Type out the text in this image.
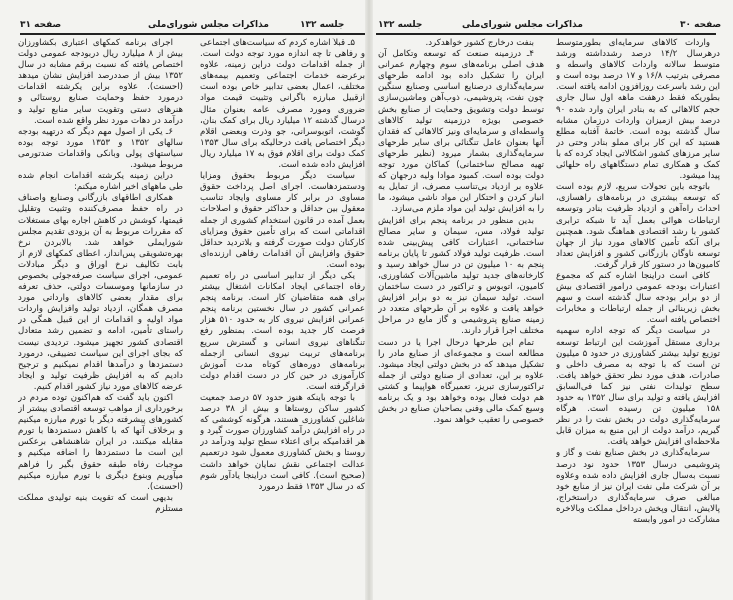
صفحه ۳۱	مذاکرات مجلس شورای‌ملی	جلسه ۱۳۲

۵ـ قبلاً اشاره کردم که سیاست‌های اجتماعی و رفاهی تا چه اندازه مورد توجه دولت است. از جمله اقدامات دولت دراین زمینه، علاوه برعرضه خدمات اجتماعی وتعمیم بیمه‌های مختلف، اعمال بعضی تدابیر خاص بوده است ازقبیل مبارزه باگرانی وتثبیت قیمت مواد ضروری ومورد مصرف عامه بعنوان مثال درسال گذشته ۱۲ میلیارد ریال برای کمک بنان، گوشت، اتوبوسرانی، جو وذرت وبعضی اقلام دیگر اختصاص یافت درحالیکه برای سال ۱۳۵۳ کمک دولت برای اقلام فوق به ۱۷ میلیارد ریال افزایش داده شده است.

سیاست دیگر مربوط بحقوق ومزایا ودستمزدهاست. اجرای اصل پرداخت حقوق مساوی در برابر کار مساوی وایجاد تناسب معقول بین حداقل و حداکثر حقوق و اصلاحات بعمل آمده در قانون استخدام کشوری از جمله اقداماتی است که برای تأمین حقوق ومزایای کارکنان دولت صورت گرفته و بلاتردید حداقل حقوق وافزایش آن اقدامات رفاهی ارزنده‌ای بوده است.

یکی دیگر از تدابیر اساسی در راه تعمیم رفاه اجتماعی ایجاد امکانات اشتغال بیشتر برای همه متقاضیان کار است. برنامه پنجم عمرانی کشور در سال نخستین برنامه پنجم عمرانی افزایش نیروی کار به حدود ۵۱۰ هزار فرصت کار جدید بوده است. بمنظور رفع تنگناهای نیروی انسانی و گسترش سریع برنامه‌های تربیت نیروی انسانی ازجمله برنامه‌های دوره‌های کوتاه مدت آموزش کارآموزی در حین کار در دست اقدام دولت قرارگرفته است.

با توجه باینکه هنوز حدود ۵۷ درصد جمعیت کشور ساکن روستاها و بیش از ۳۸ درصد شاغلین کشاورزی هستند، هرگونه کوششی که در راه افزایش درآمد کشاورزان صورت گیرد و هر اقدامیکه برای اعتلاء سطح تولید ودرآمد در روستا و بخش کشاورزی معمول شود درتعمیم عدالت اجتماعی نقش نمایان خواهد داشت (صحیح است). کافی است دراینجا یادآور شوم که در سال ۱۳۵۳ فقط درمورد

اجرای برنامه کمکهای اعتباری بکشاورزان بیش از ۸ میلیارد ریال دربودجه عمومی دولت اختصاص یافته که نسبت برقم مشابه در سال ۱۳۵۲ بیش از صددرصد افزایش نشان میدهد (احسنت). علاوه براین یکرشته اقدامات درمورد حفظ وحمایت صنایع روستائی و هنرهای دستی وتقویت سایر منابع تولید و درآمد در دهات مورد نظر واقع شده است.

۶ـ یکی از اصول مهم دیگر که درتهیه بودجه سالهای ۱۳۵۲ و ۱۳۵۳ مورد توجه بوده سیاستهای پولی وبانکی واقدامات ضدتورمی مربوط میشود.

دراین زمینه یکرشته اقدامات انجام شده طی ماههای اخیر اشاره میکنم:

همکاری اطاقهای بازرگانی وصنایع واصناف در راه حفظ مصرف‌کننده وتثبیت وتقلیل قیمتها، کوشش در کاهش اجاره بهای مستغلات که مقررات مربوط به آن بزودی تقدیم مجلس شورایملی خواهد شد. بالابردن نرخ بهره‌تشویقی پس‌انداز، اعطای کمکهای لازم از بابت تکالیف نرخ اوراق و دیگر مبادلات عمومی، اجرای سیاست صرفه‌جوئی بخصوص در سازمانها وموسسات دولتی، حذف تعرفه برای مقدار بعضی کالاهای وارداتی مورد مصرف همگان، ازدیاد تولید وافزایش واردات مواد اولیه و اقدامات از این قبیل همگی در راستای تأمین، ادامه و تضمین رشد متعادل اقتصادی کشور تجهیز میشود. تردیدی نیست که بجای اجرای این سیاست تضییقی، درمورد دستمزدها و درآمدها اقدام نمیکنیم و ترجیح دادیم که به افزایش ظرفیت تولید و ایجاد عرضه کالاهای مورد نیاز کشور اقدام کنیم.

اکنون باید گفت که هم‌اکنون توده مردم در برخورداری از مواهب توسعه اقتصادی بیشتر از کشورهای پیشرفته دیگر با تورم مبارزه میکنیم و برخلاف آنها که با کاهش دستمزدها با تورم مقابله میکنند، در ایران شاهنشاهی برعکس این است ما دستمزدها را اضافه میکنیم و موجبات رفاه طبقه حقوق بگیر را فراهم میآوریم وبنوع دیگری با تورم مبارزه میکنیم (احسنت).

بدیهی است که تقویت بنیه تولیدی مملکت مستلزم

جلسه ۱۳۲	مذاکرات مجلس شورای‌ملی	صفحه ۳۰

واردات کالاهای سرمایه‌ای بطورمتوسط درهرسال ۱۴/۲ درصد رشدداشته ورشد متوسط سالانه واردات کالاهای واسطه و مصرفی بترتیب ۱۶/۸ و ۱۷ درصد بوده است و این رشد باسرعت روزافزون ادامه یافته است. بطوریکه فقط درهفت ماهه اول سال جاری حجم کالاهائی که به بنادر ایران وارد شده ۹۰ درصد بیش ازمیزان واردات درزمان مشابه سال گذشته بوده است. خاتمهٔ آفتابه مطلع هستید که این کار برای مملو بنادر وحتی در سایر مرزهای کشور اشکالاتی ایجاد کرده که با کمک و همکاری تمام دستگاههای راه حلهائی پیدا میشود.

باتوجه باین تحولات سریع، لازم بوده است که توسعه بیشتری در برنامه‌های راهسازی، احداث راه‌آهن و ازدیاد ظرفیت بنادر وتوسعه ارتباطات هوائی بعمل آید تا شبکه ترابری کشور با رشد اقتصادی هماهنگ شود. همچنین برای آنکه تأمین کالاهای مورد نیاز از جهان توسعه ناوگان بازرگانی کشور و افزایش تعداد کامیون‌ها در دستور کار قرار گرفت.

کافی است دراینجا اشاره کنم که مجموع اعتبارات بودجه عمومی درامور اقتصادی بیش از دو برابر بودجه سال گذشته است و سهم بخش زیربنائی از جمله ارتباطات و مخابرات اختصاص یافته است.

در سیاست دیگر که توجه اداره سهمیه برداری مستقل آموزشت این ارتباط توسعه توزیع تولید بیشتر کشاورزی در حدود ۵ میلیون تن است که با توجه به مصرف داخلی و صادرات، هدف مورد نظر تحقق خواهد یافت. سطح تولیدات نفتی نیز کما فی‌السابق افزایش یافته و تولید برای سال ۱۳۵۲ به حدود ۱۵۸ میلیون تن رسیده است. هرگاه سرمایه‌گذاری دولت در بخش نفت را در نظر گیریم، درآمد دولت از این منبع به میزان قابل ملاحظه‌ای افزایش خواهد یافت.

سرمایه‌گذاری در بخش صنایع نفت و گاز و پتروشیمی درسال ۱۳۵۳ حدود نود درصد نسبت به‌سال جاری افزایش داده شده وعلاوه بر آن شرکت ملی نفت ایران نیز از منابع خود مبالغی صرف سرمایه‌گذاری دراستخراج، پالایش، انتقال وپخش درداخل مملکت وبالاخره مشارکت در امور وابسته

بنفت درخارج کشور خواهدکرد.

۴ـ درزمینه صنعت که توسعه وتکامل آن هدف اصلی برنامه‌های سوم وچهارم عمرانی ایران را تشکیل داده بود ادامه طرحهای سرمایه‌گذاری درصنایع اساسی وصنایع سنگین چون نفت، پتروشیمی، ذوب‌آهن وماشین‌سازی توسط دولت وتشویق وحمایت از صنایع بخش خصوصی بویژه درزمینه تولید کالاهای واسطه‌ای و سرمایه‌ای ونیز کالاهائی که فقدان آنها بعنوان عامل تنگنائی برای سایر طرحهای سرمایه‌گذاری بشمار میرود (نظیر طرحهای تهیه مصالح ساختمانی) کماکان مورد توجه دولت بوده است. کمبود موادا ولیه درجهان که علاوه بر ازدیاد بی‌تناسب مصرف، از تمایل به انبار کردن و احتکار این مواد ناشی میشود، ما را به افزایش تولید این مواد ملزم می‌سازد.

بدین منظور در برنامه پنجم برای افزایش تولید فولاد، مس، سیمان و سایر مصالح ساختمانی، اعتبارات کافی پیش‌بینی شده است. ظرفیت تولید فولاد کشور تا پایان برنامه پنجم به ۱۰ میلیون تن در سال خواهد رسید و کارخانه‌های جدید تولید ماشین‌آلات کشاورزی، کامیون، اتوبوس و تراکتور در دست ساختمان است. تولید سیمان نیز به دو برابر افزایش خواهد یافت و علاوه بر آن طرحهای متعدد در زمینه صنایع پتروشیمی و گاز مایع در مراحل مختلف اجرا قرار دارند.

تمام این طرحها درحال اجرا یا در دست مطالعه است و مجموعه‌ای از صنایع مادر را تشکیل میدهد که در بخش دولتی ایجاد میشود. علاوه بر این، تعدادی از صنایع دولتی از جمله تراکتورسازی تبریز، تعمیرگاه هواپیما و کشتی هم دولت فعال بوده وخواهد بود و یک برنامه وسیع کمک مالی وفنی بصاحبان صنایع در بخش خصوصی را تعقیب خواهد نمود.
